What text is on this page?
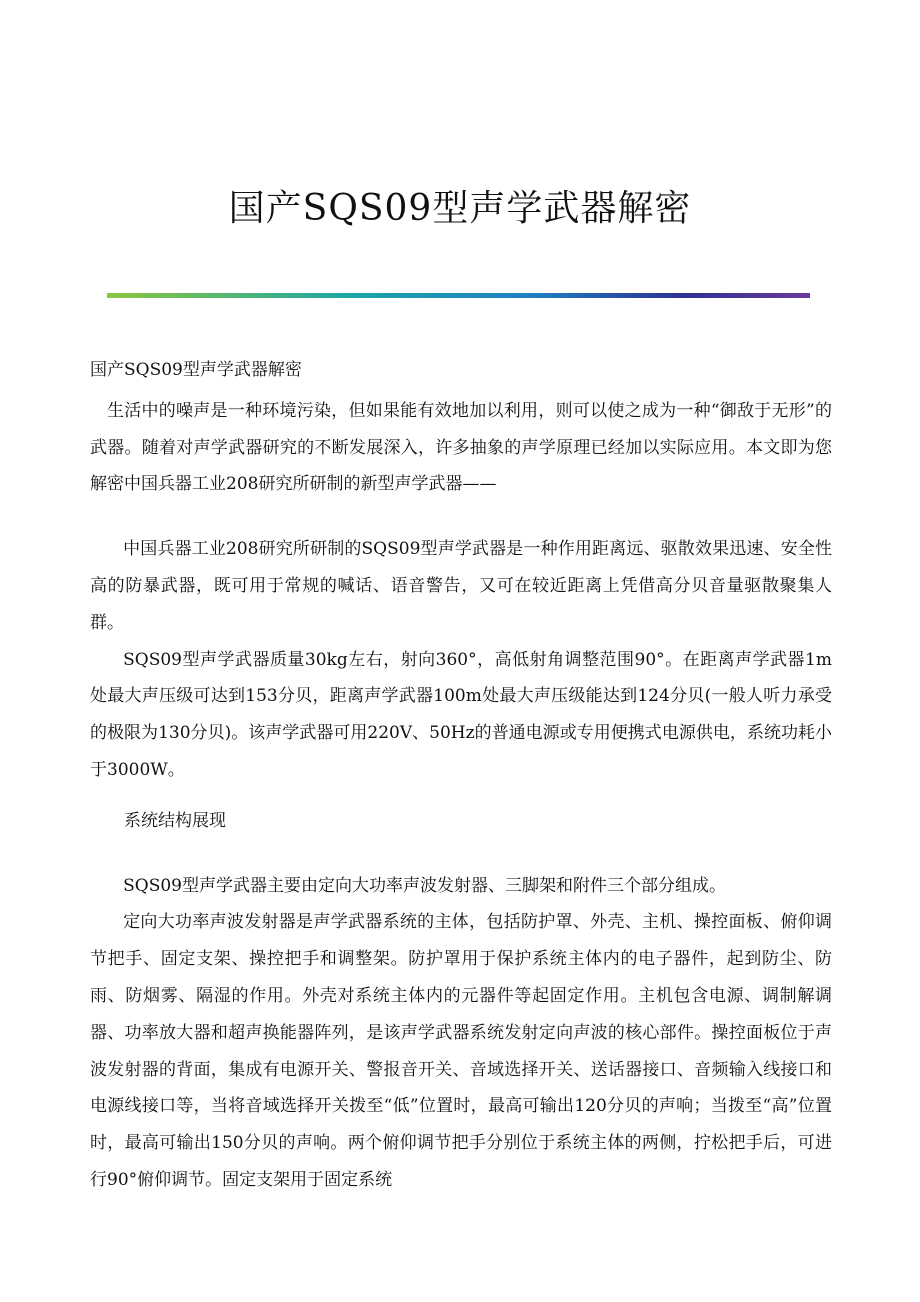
国产SQS09型声学武器解密

国产SQS09型声学武器解密

生活中的噪声是一种环境污染，但如果能有效地加以利用，则可以使之成为一种“御敌于无形”的武器。随着对声学武器研究的不断发展深入，许多抽象的声学原理已经加以实际应用。本文即为您解密中国兵器工业208研究所研制的新型声学武器——

中国兵器工业208研究所研制的SQS09型声学武器是一种作用距离远、驱散效果迅速、安全性高的防暴武器，既可用于常规的喊话、语音警告，又可在较近距离上凭借高分贝音量驱散聚集人群。

SQS09型声学武器质量30kg左右，射向360°，高低射角调整范围90°。在距离声学武器1m处最大声压级可达到153分贝，距离声学武器100m处最大声压级能达到124分贝(一般人听力承受的极限为130分贝)。该声学武器可用220V、50Hz的普通电源或专用便携式电源供电，系统功耗小于3000W。

系统结构展现

SQS09型声学武器主要由定向大功率声波发射器、三脚架和附件三个部分组成。

定向大功率声波发射器是声学武器系统的主体，包括防护罩、外壳、主机、操控面板、俯仰调节把手、固定支架、操控把手和调整架。防护罩用于保护系统主体内的电子器件，起到防尘、防雨、防烟雾、隔湿的作用。外壳对系统主体内的元器件等起固定作用。主机包含电源、调制解调器、功率放大器和超声换能器阵列，是该声学武器系统发射定向声波的核心部件。操控面板位于声波发射器的背面，集成有电源开关、警报音开关、音域选择开关、送话器接口、音频输入线接口和电源线接口等，当将音域选择开关拨至“低”位置时，最高可输出120分贝的声响；当拨至“高”位置时，最高可输出150分贝的声响。两个俯仰调节把手分别位于系统主体的两侧，拧松把手后，可进行90°俯仰调节。固定支架用于固定系统
